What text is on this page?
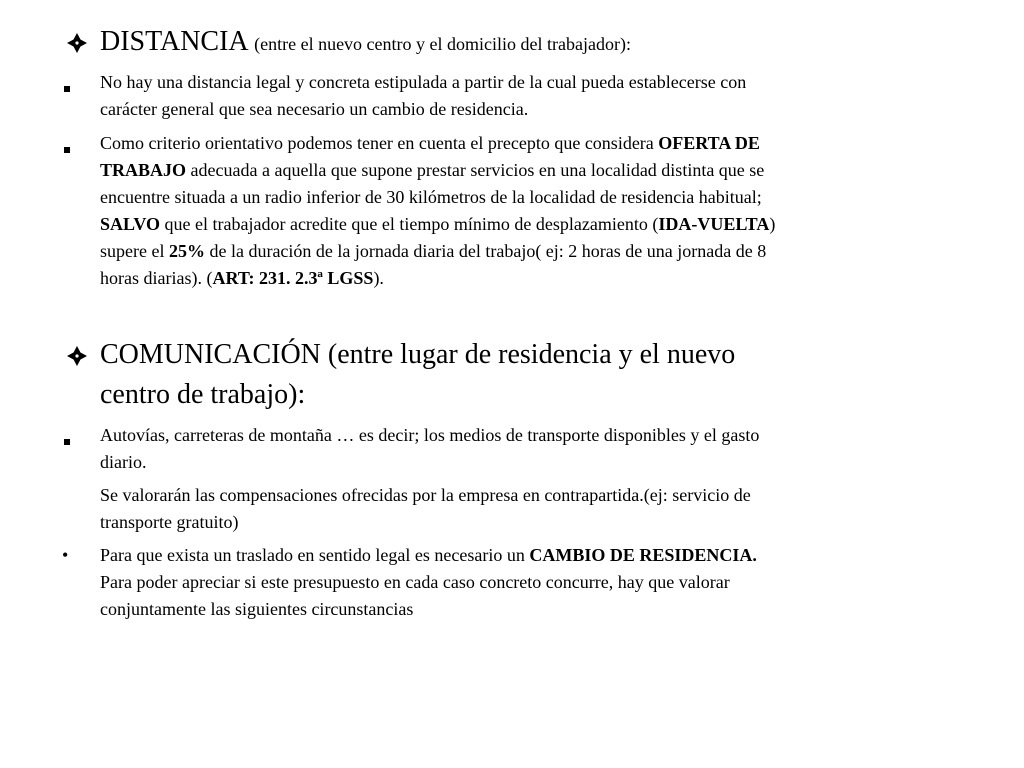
DISTANCIA (entre el nuevo centro y el domicilio del trabajador):
No hay una distancia legal y concreta estipulada a partir de la cual pueda establecerse con
carácter general que sea necesario un cambio de residencia.
Como criterio orientativo podemos tener en cuenta el precepto que considera OFERTA DE
TRABAJO adecuada a aquella que supone prestar servicios en una localidad distinta que se
encuentre situada a un radio inferior de 30 kilómetros de la localidad de residencia habitual;
SALVO que el trabajador acredite que el tiempo mínimo de desplazamiento (IDA-VUELTA)
supere el 25% de la duración de la jornada diaria del trabajo( ej: 2 horas de una jornada de 8
horas diarias). (ART: 231. 2.3ª LGSS).
COMUNICACIÓN (entre lugar de residencia y el nuevo
centro de trabajo):
Autovías, carreteras de montaña … es decir; los medios de transporte disponibles y el gasto
diario.
Se valorarán las compensaciones ofrecidas por la empresa en contrapartida.(ej: servicio de
transporte gratuito)
• Para que exista un traslado en sentido legal es necesario un CAMBIO DE RESIDENCIA.
Para poder apreciar si este presupuesto en cada caso concreto concurre, hay que valorar
conjuntamente las siguientes circunstancias
